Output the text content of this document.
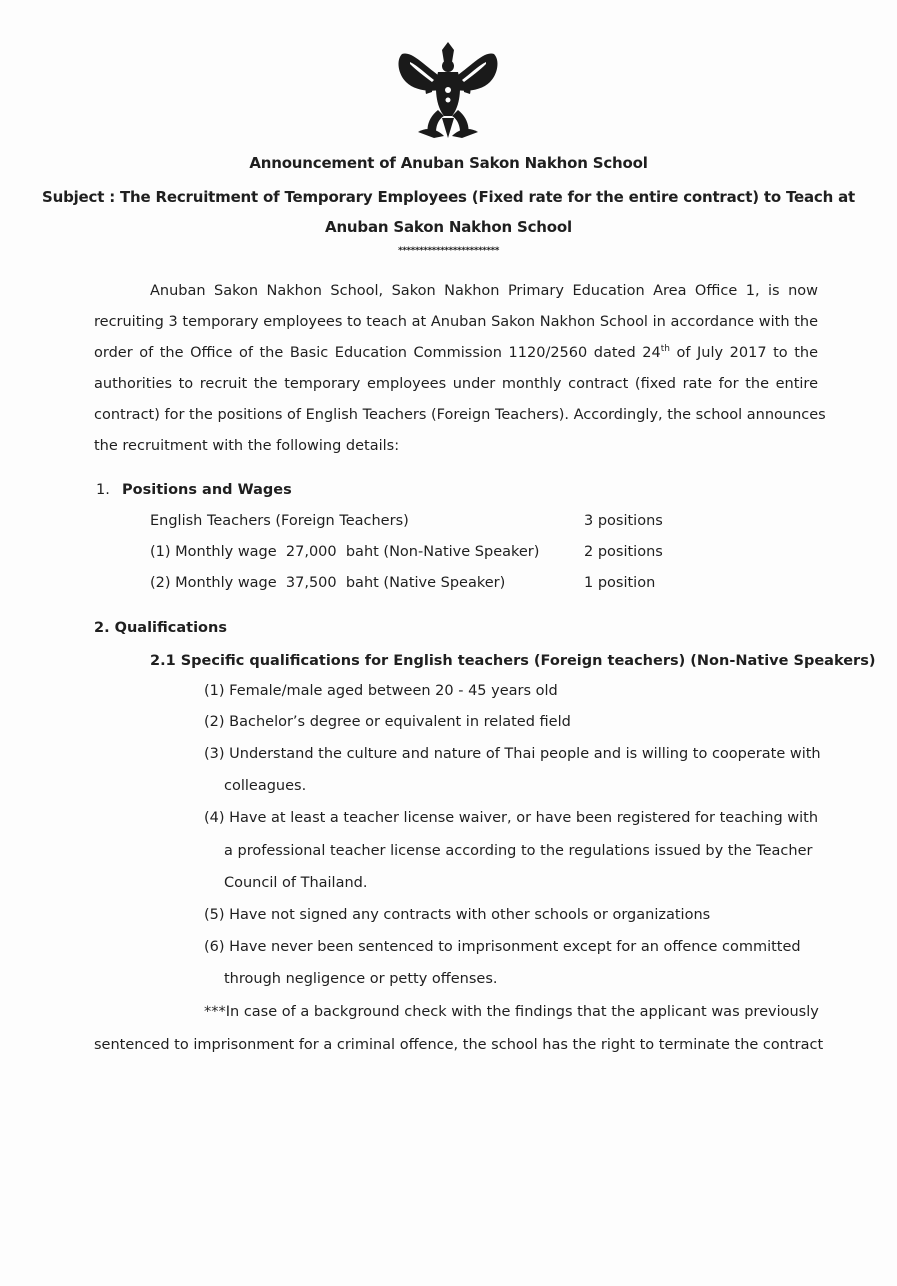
Announcement of Anuban Sakon Nakhon School
Subject : The Recruitment of Temporary Employees (Fixed rate for the entire contract) to Teach at
Anuban Sakon Nakhon School
************************
Anuban Sakon Nakhon School, Sakon Nakhon Primary Education Area Office 1, is now
recruiting 3 temporary employees to teach at Anuban Sakon Nakhon School in accordance with the
order of the Office of the Basic Education Commission 1120/2560 dated 24th of July 2017 to the
authorities to recruit the temporary employees under monthly contract (fixed rate for the entire
contract) for the positions of English Teachers (Foreign Teachers). Accordingly, the school announces
the recruitment with the following details:
1. Positions and Wages
English Teachers (Foreign Teachers)	3 positions
(1) Monthly wage  27,000  baht (Non-Native Speaker)	2 positions
(2) Monthly wage  37,500  baht (Native Speaker)	1 position
2. Qualifications
2.1 Specific qualifications for English teachers (Foreign teachers) (Non-Native Speakers)
(1) Female/male aged between 20 - 45 years old
(2) Bachelor’s degree or equivalent in related field
(3) Understand the culture and nature of Thai people and is willing to cooperate with
colleagues.
(4) Have at least a teacher license waiver, or have been registered for teaching with
a professional teacher license according to the regulations issued by the Teacher
Council of Thailand.
(5) Have not signed any contracts with other schools or organizations
(6) Have never been sentenced to imprisonment except for an offence committed
through negligence or petty offenses.
***In case of a background check with the findings that the applicant was previously
sentenced to imprisonment for a criminal offence, the school has the right to terminate the contract
